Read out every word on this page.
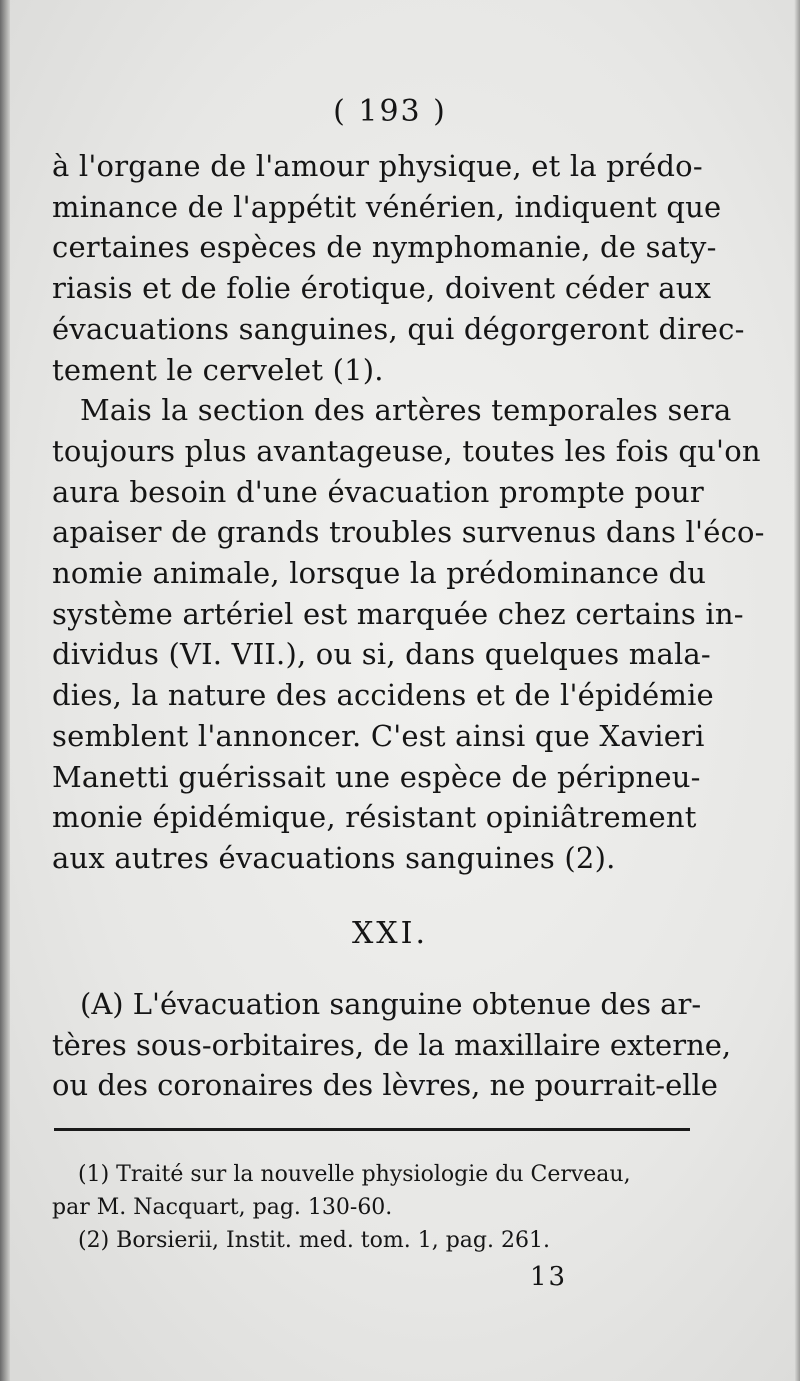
( 193 )
à l'organe de l'amour physique, et la prédo-
minance de l'appétit vénérien, indiquent que
certaines espèces de nymphomanie, de saty-
riasis et de folie érotique, doivent céder aux
évacuations sanguines, qui dégorgeront direc-
tement le cervelet (1).
Mais la section des artères temporales sera
toujours plus avantageuse, toutes les fois qu'on
aura besoin d'une évacuation prompte pour
apaiser de grands troubles survenus dans l'éco-
nomie animale, lorsque la prédominance du
système artériel est marquée chez certains in-
dividus (VI. VII.), ou si, dans quelques mala-
dies, la nature des accidens et de l'épidémie
semblent l'annoncer. C'est ainsi que Xavieri
Manetti guérissait une espèce de péripneu-
monie épidémique, résistant opiniâtrement
aux autres évacuations sanguines (2).
XXI.
(A) L'évacuation sanguine obtenue des ar-
tères sous-orbitaires, de la maxillaire externe,
ou des coronaires des lèvres, ne pourrait-elle
(1) Traité sur la nouvelle physiologie du Cerveau,
par M. Nacquart, pag. 130-60.
(2) Borsierii, Instit. med. tom. 1, pag. 261.
13
